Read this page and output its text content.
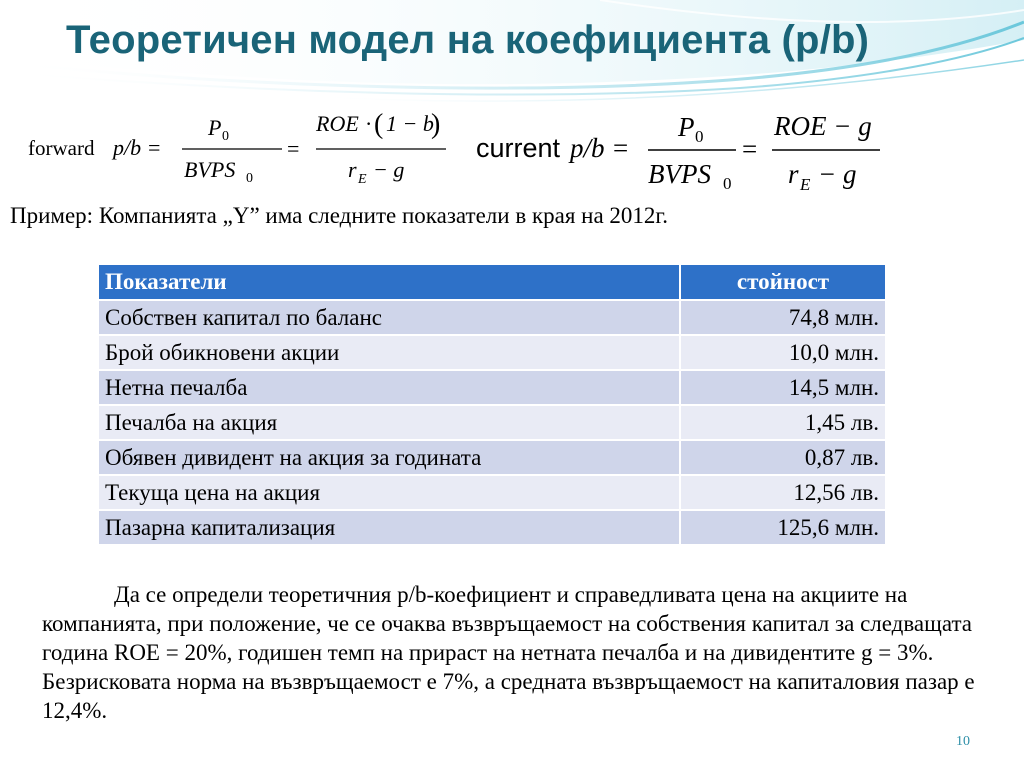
Теоретичен модел на коефициента (p/b)
forward p/b =
P 0
BVPS 0
=
ROE · ( 1 − b
)
r E − g
current p/b =
P 0
BVPS 0
=
ROE − g
r E − g
Пример: Компанията „Y” има следните показатели в края на 2012г.
Показатели	стойност
Собствен капитал по баланс	74,8 млн.
Брой обикновени акции	10,0 млн.
Нетна печалба	14,5 млн.
Печалба на акция	1,45 лв.
Обявен дивидент на акция за годината	0,87 лв.
Текуща цена на акция	12,56 лв.
Пазарна капитализация	125,6 млн.
Да се определи теоретичния p/b-коефициент и справедливата цена на акциите на компанията, при положение, че се очаква възвръщаемост на собствения капитал за следващата година ROE = 20%, годишен темп на прираст на нетната печалба и на дивидентите g = 3%. Безрисковата норма на възвръщаемост е 7%, а средната възвръщаемост на капиталовия пазар е 12,4%.
10
